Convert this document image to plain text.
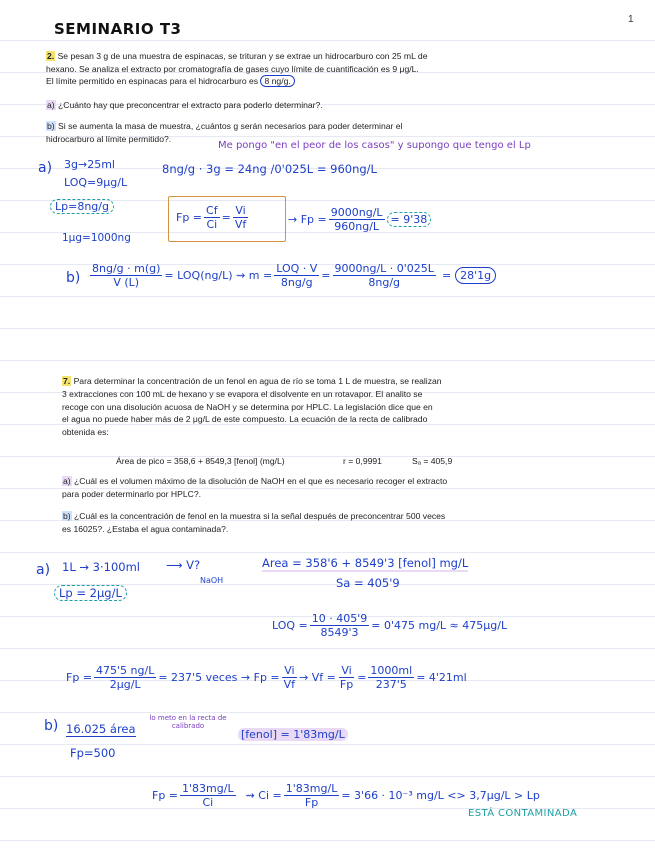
SEMINARIO T3
1
2. Se pesan 3 g de una muestra de espinacas, se trituran y se extrae un hidrocarburo con 25 mL de
hexano. Se analiza el extracto por cromatografía de gases cuyo límite de cuantificación es 9 μg/L.
El límite permitido en espinacas para el hidrocarburo es 8 ng/g.
a) ¿Cuánto hay que preconcentrar el extracto para poderlo determinar?.
b) Si se aumenta la masa de muestra, ¿cuántos g serán necesarios para poder determinar el
hidrocarburo al límite permitido?.
Me pongo "en el peor de los casos" y supongo que tengo el Lp
a) 3g→25ml
LOQ=9μg/L
Lp=8ng/g
1μg=1000ng
8ng/g · 3g = 24ng /0'025L = 960ng/L
$Fp = \frac{Cf}{Ci} = \frac{Vi}{Vf}$	→
$Fp = \frac{9000ng/L}{960ng/L} = 9'38$
$b) \frac{8ng/g \cdot m(g)}{V (L)} = LOQ(ng/L)$
⇝ $m = \frac{\text{LOQ · V}}{8ng/g} = \frac{9000ng/L \cdot 0'025L}{8ng/g} = 28'1g$
7. Para determinar la concentración de un fenol en agua de río se toma 1 L de muestra, se realizan
3 extracciones con 100 mL de hexano y se evapora el disolvente en un rotavapor. El analito se
recoge con una disolución acuosa de NaOH y se determina por HPLC. La legislación dice que en
el agua no puede haber más de 2 μg/L de este compuesto. La ecuación de la recta de calibrado
obtenida es:
Área de pico = 358,6 + 8549,3 [fenol] (mg/L)	r = 0,9991	Sₐ = 405,9
a) ¿Cuál es el volumen máximo de la disolución de NaOH en el que es necesario recoger el extracto
para poder determinarlo por HPLC?.
b) ¿Cuál es la concentración de fenol en la muestra si la señal después de preconcentrar 500 veces
es 16025?. ¿Estaba el agua contaminada?.
a) 1L → 3·100ml ⟶ V?
NaOH
Lp = 2μg/L
Area = 358'6 + 8549'3 [fenol] mg/L
Sa = 405'9
LOQ = $\frac{10 \cdot 405'9}{8549'3} = 0'475$ mg/L ≈ 475μg/L
$Fp = \frac{475'5 ng/L}{2\mu g/L} = 237'5$ veces
→ $Fp = \frac{Vi}{Vf} \to Vf = \frac{Vi}{Fp} = \frac{1000ml}{237'5} = 4'21ml$
b) 16.025 área
lo meto en la recta de calibrado
[fenol] = 1'83mg/L
Fp=500
$Fp = \frac{1'83mg/L}{Ci}$ ⇝ $Ci = \frac{1'83mg/L}{Fp} = 3'66 \cdot 10^{-3}$ mg/L <> 3,7μg/L > Lp
ESTÁ CONTAMINADA
